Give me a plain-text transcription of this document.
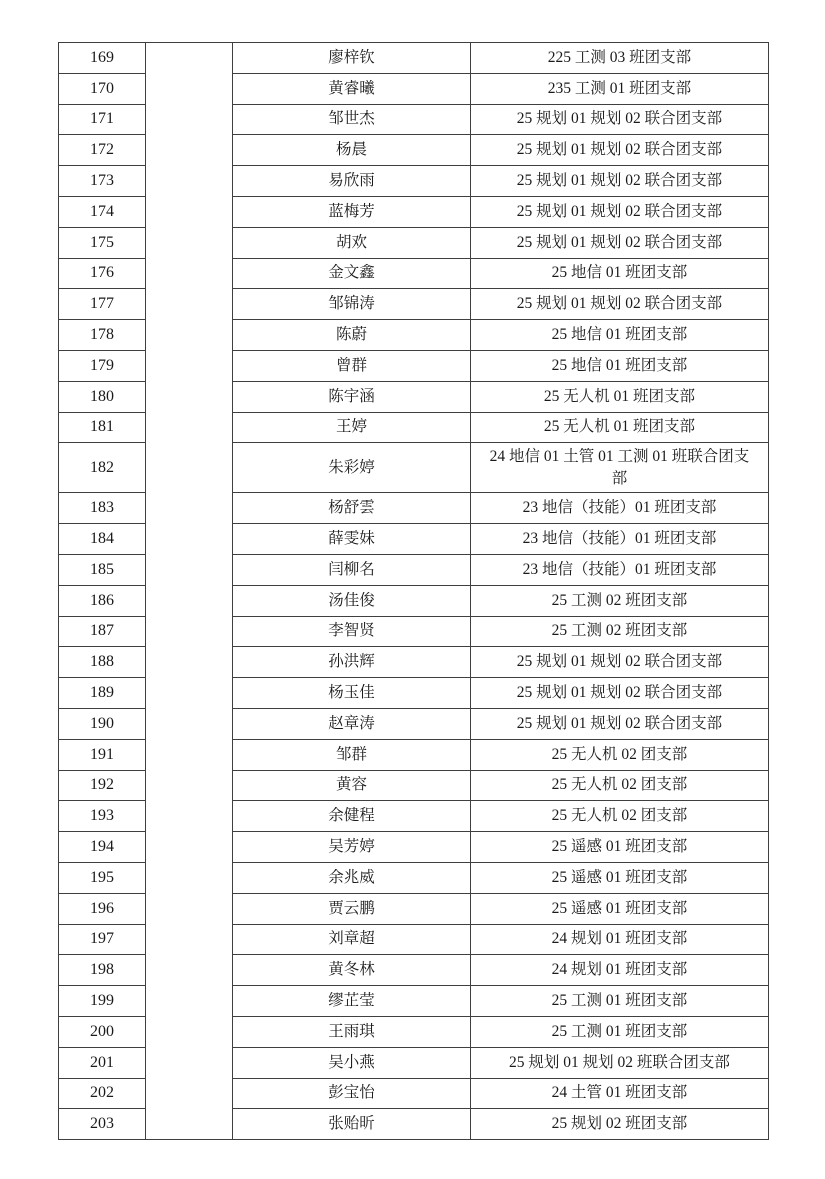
169		廖梓钦	225 工测 03 班团支部
170		黄睿曦	235 工测 01 班团支部
171		邹世杰	25 规划 01 规划 02 联合团支部
172		杨晨	25 规划 01 规划 02 联合团支部
173		易欣雨	25 规划 01 规划 02 联合团支部
174		蓝梅芳	25 规划 01 规划 02 联合团支部
175		胡欢	25 规划 01 规划 02 联合团支部
176		金文鑫	25 地信 01 班团支部
177		邹锦涛	25 规划 01 规划 02 联合团支部
178		陈蔚	25 地信 01 班团支部
179		曾群	25 地信 01 班团支部
180		陈宇涵	25 无人机 01 班团支部
181		王婷	25 无人机 01 班团支部
182		朱彩婷	24 地信 01 土管 01 工测 01 班联合团支部
183		杨舒雲	23 地信（技能）01 班团支部
184		薛雯妹	23 地信（技能）01 班团支部
185		闫柳名	23 地信（技能）01 班团支部
186		汤佳俊	25 工测 02 班团支部
187		李智贤	25 工测 02 班团支部
188		孙洪辉	25 规划 01 规划 02 联合团支部
189		杨玉佳	25 规划 01 规划 02 联合团支部
190		赵章涛	25 规划 01 规划 02 联合团支部
191		邹群	25 无人机 02 团支部
192		黄容	25 无人机 02 团支部
193		余健程	25 无人机 02 团支部
194		吴芳婷	25 遥感 01 班团支部
195		余兆威	25 遥感 01 班团支部
196		贾云鹏	25 遥感 01 班团支部
197		刘章超	24 规划 01 班团支部
198		黄冬林	24 规划 01 班团支部
199		缪芷莹	25 工测 01 班团支部
200		王雨琪	25 工测 01 班团支部
201		吴小燕	25 规划 01 规划 02 班联合团支部
202		彭宝怡	24 土管 01 班团支部
203		张贻昕	25 规划 02 班团支部
